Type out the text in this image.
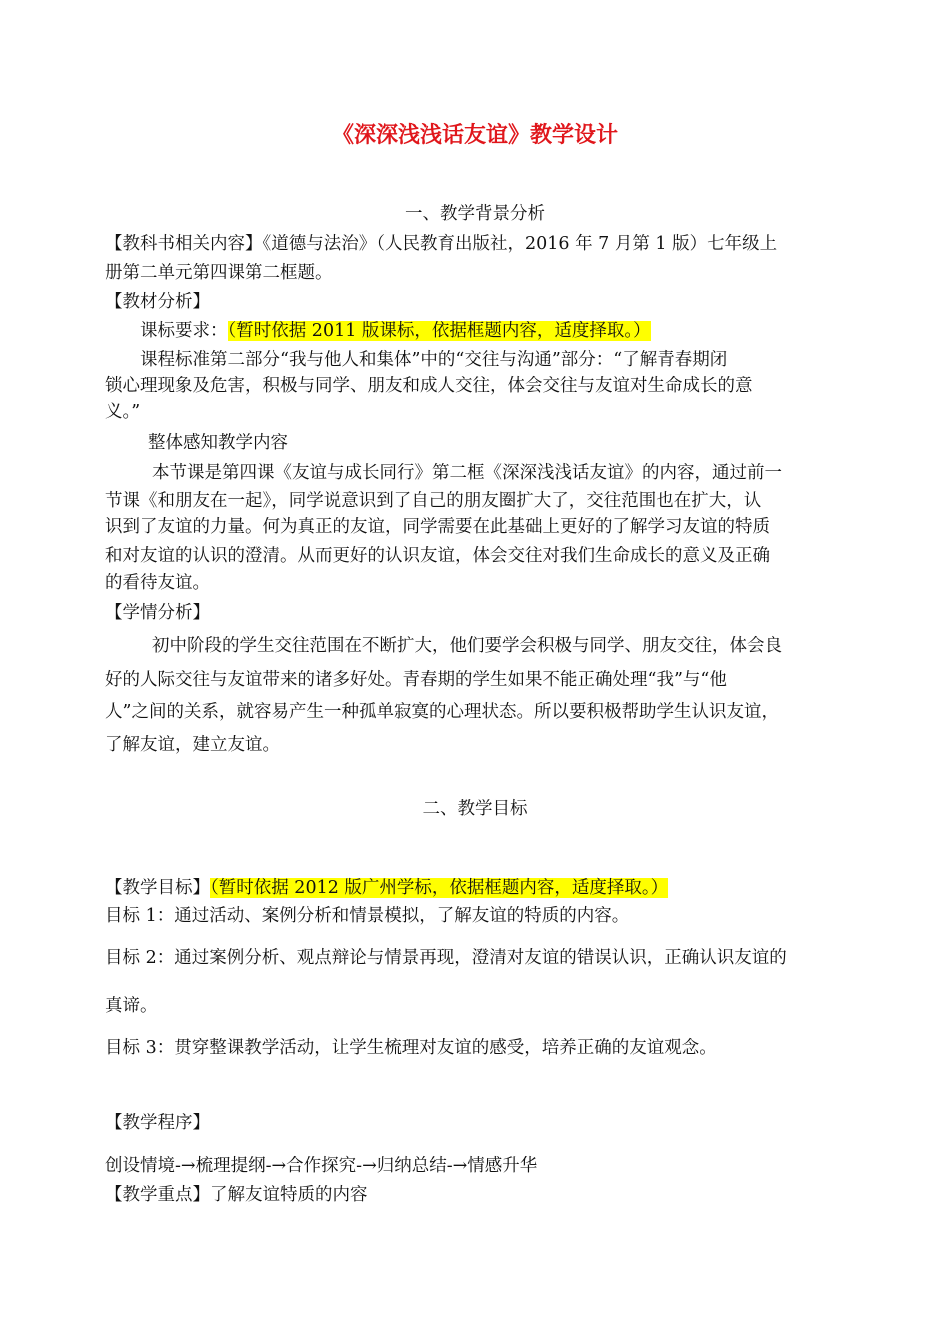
《深深浅浅话友谊》教学设计
一、教学背景分析
【教科书相关内容】《道德与法治》（人民教育出版社，2016 年 7 月第 1 版）七年级上
册第二单元第四课第二框题。
【教材分析】
课标要求：（暂时依据 2011 版课标，依据框题内容，适度择取。）
课程标准第二部分“我与他人和集体”中的“交往与沟通”部分：“了解青春期闭
锁心理现象及危害，积极与同学、朋友和成人交往，体会交往与友谊对生命成长的意
义。”
整体感知教学内容
本节课是第四课《友谊与成长同行》第二框《深深浅浅话友谊》的内容，通过前一
节课《和朋友在一起》，同学说意识到了自己的朋友圈扩大了，交往范围也在扩大，认
识到了友谊的力量。何为真正的友谊，同学需要在此基础上更好的了解学习友谊的特质
和对友谊的认识的澄清。从而更好的认识友谊，体会交往对我们生命成长的意义及正确
的看待友谊。
【学情分析】
初中阶段的学生交往范围在不断扩大，他们要学会积极与同学、朋友交往，体会良
好的人际交往与友谊带来的诸多好处。青春期的学生如果不能正确处理“我”与“他
人”之间的关系，就容易产生一种孤单寂寞的心理状态。所以要积极帮助学生认识友谊，
了解友谊，建立友谊。
二、教学目标
【教学目标】（暂时依据 2012 版广州学标，依据框题内容，适度择取。）
目标 1：通过活动、案例分析和情景模拟，了解友谊的特质的内容。
目标 2：通过案例分析、观点辩论与情景再现，澄清对友谊的错误认识，正确认识友谊的
真谛。
目标 3：贯穿整课教学活动，让学生梳理对友谊的感受，培养正确的友谊观念。
【教学程序】
创设情境-→梳理提纲-→合作探究-→归纳总结-→情感升华
【教学重点】了解友谊特质的内容
